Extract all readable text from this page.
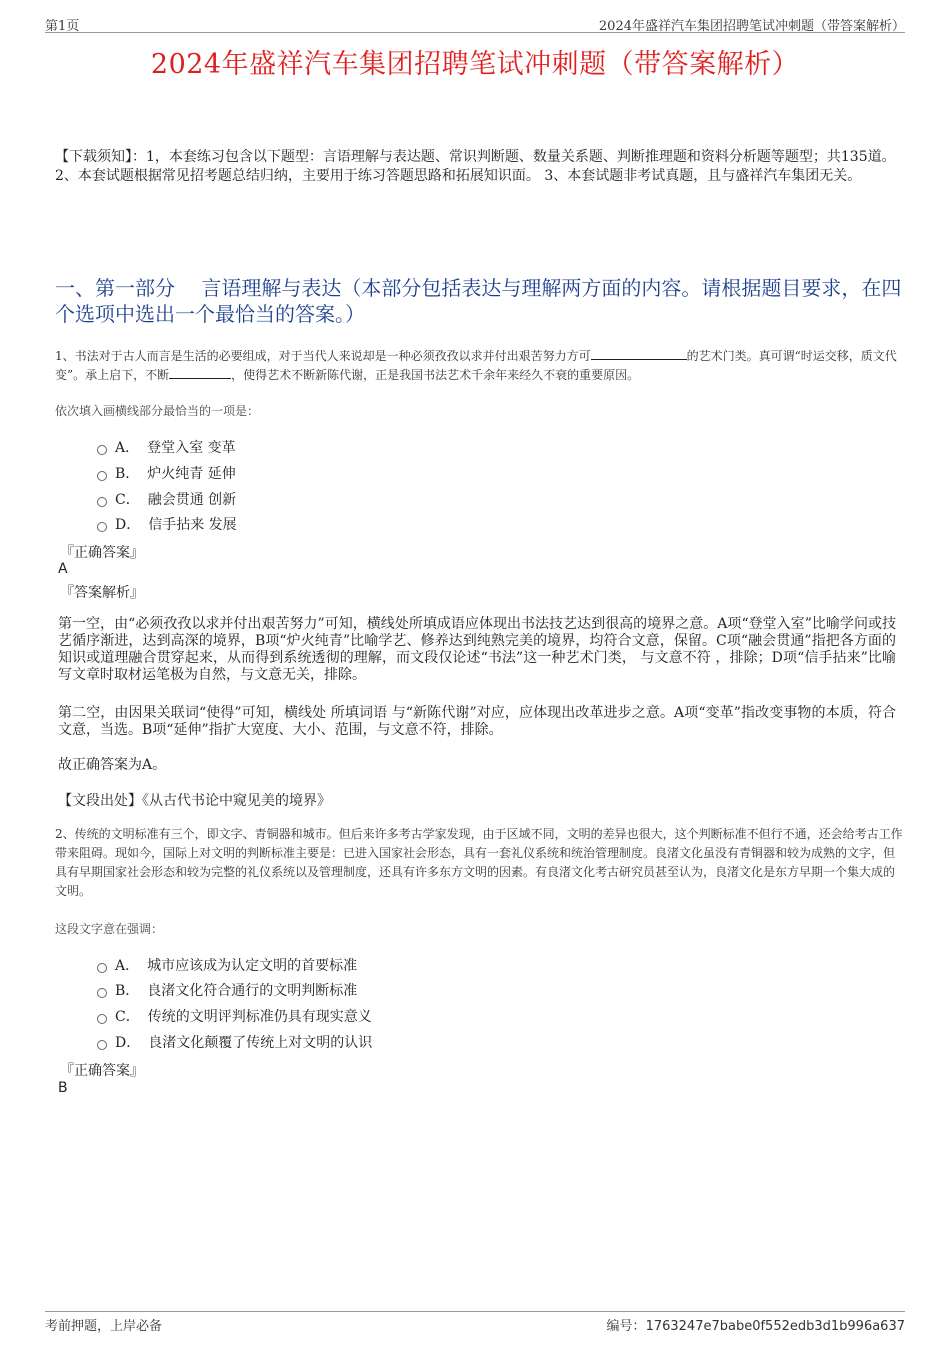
第1页	2024年盛祥汽车集团招聘笔试冲刺题（带答案解析）
2024年盛祥汽车集团招聘笔试冲刺题（带答案解析）
【下载须知】：1，本套练习包含以下题型：言语理解与表达题、常识判断题、数量关系题、判断推理题和资料分析题等题型；共135道。 2、本套试题根据常见招考题总结归纳，主要用于练习答题思路和拓展知识面。 3、本套试题非考试真题，且与盛祥汽车集团无关。
一、第一部分　 言语理解与表达（本部分包括表达与理解两方面的内容。请根据题目要求，在四个选项中选出一个最恰当的答案。）
1、书法对于古人而言是生活的必要组成，对于当代人来说却是一种必须孜孜以求并付出艰苦努力方可	的艺术门类。真可谓“时运交移，质文代变”。承上启下，不断	，使得艺术不断新陈代谢，正是我国书法艺术千余年来经久不衰的重要原因。
依次填入画横线部分最恰当的一项是：
A． 登堂入室 变革
B． 炉火纯青 延伸
C． 融会贯通 创新
D． 信手拈来 发展
『正确答案』
A
『答案解析』
第一空，由“必须孜孜以求并付出艰苦努力”可知，横线处所填成语应体现出书法技艺达到很高的境界之意。A项“登堂入室”比喻学问或技艺循序渐进，达到高深的境界，B项“炉火纯青”比喻学艺、修养达到纯熟完美的境界，均符合文意，保留。C项“融会贯通”指把各方面的知识或道理融合贯穿起来，从而得到系统透彻的理解，而文段仅论述“书法”这一种艺术门类， 与文意不符 ，排除；D项“信手拈来”比喻写文章时取材运笔极为自然，与文意无关，排除。
第二空，由因果关联词“使得”可知，横线处 所填词语 与“新陈代谢”对应，应体现出改革进步之意。A项“变革”指改变事物的本质，符合文意，当选。B项“延伸”指扩大宽度、大小、范围，与文意不符，排除。
故正确答案为A。
【文段出处】《从古代书论中窥见美的境界》
2、传统的文明标准有三个，即文字、青铜器和城市。但后来许多考古学家发现，由于区域不同，文明的差异也很大，这个判断标准不但行不通，还会给考古工作带来阻碍。现如今，国际上对文明的判断标准主要是：已进入国家社会形态，具有一套礼仪系统和统治管理制度。良渚文化虽没有青铜器和较为成熟的文字，但具有早期国家社会形态和较为完整的礼仪系统以及管理制度，还具有许多东方文明的因素。有良渚文化考古研究员甚至认为，良渚文化是东方早期一个集大成的文明。
这段文字意在强调：
A． 城市应该成为认定文明的首要标准
B． 良渚文化符合通行的文明判断标准
C． 传统的文明评判标准仍具有现实意义
D． 良渚文化颠覆了传统上对文明的认识
『正确答案』
B
考前押题，上岸必备	编号：1763247e7babe0f552edb3d1b996a637
